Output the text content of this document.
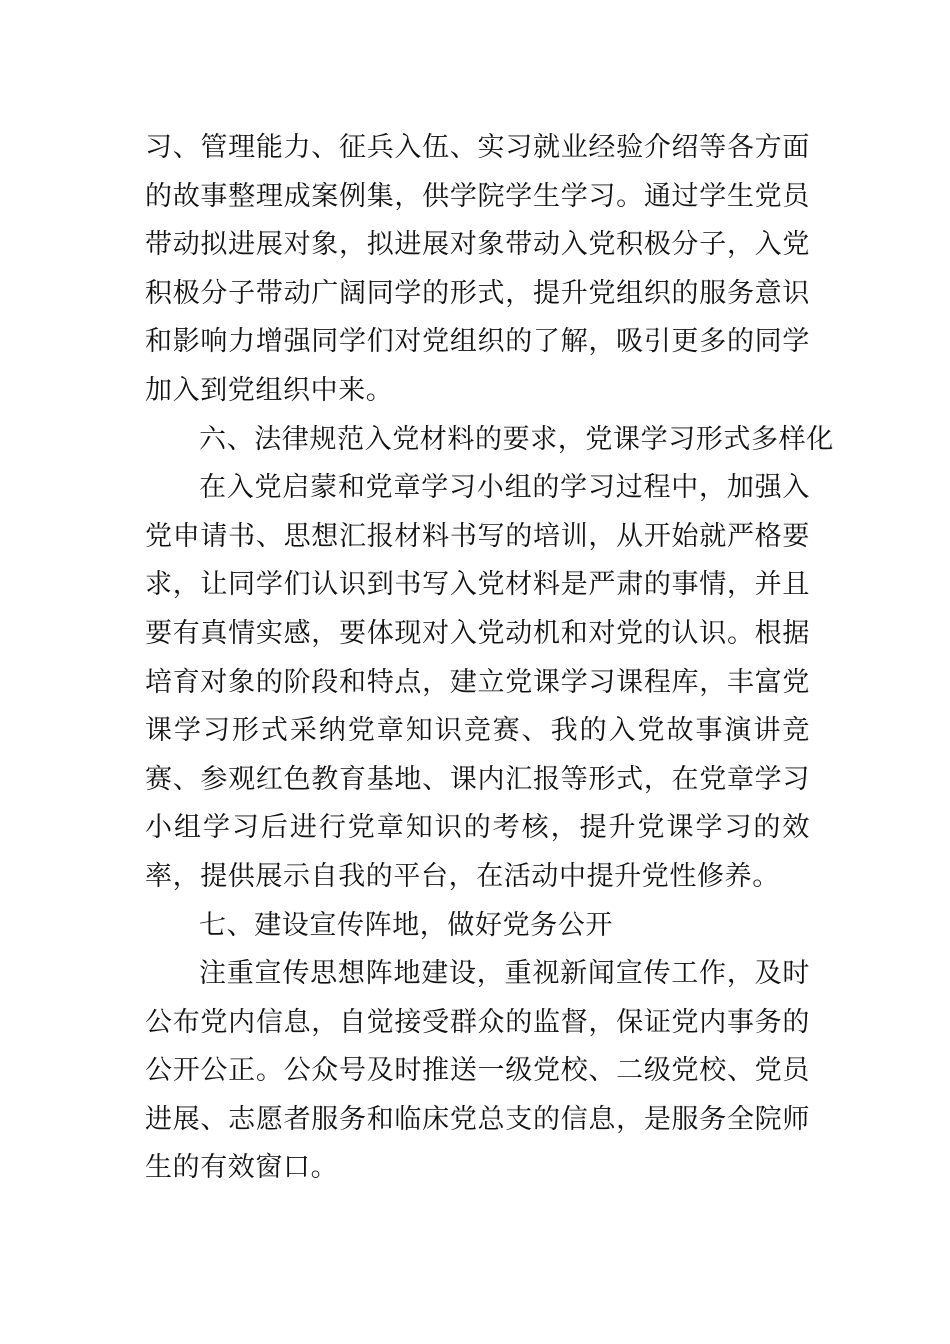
习、管理能力、征兵入伍、实习就业经验介绍等各方面的故事整理成案例集，供学院学生学习。通过学生党员带动拟进展对象，拟进展对象带动入党积极分子，入党积极分子带动广阔同学的形式，提升党组织的服务意识和影响力增强同学们对党组织的了解，吸引更多的同学加入到党组织中来。

六、法律规范入党材料的要求，党课学习形式多样化

在入党启蒙和党章学习小组的学习过程中，加强入党申请书、思想汇报材料书写的培训，从开始就严格要求，让同学们认识到书写入党材料是严肃的事情，并且要有真情实感，要体现对入党动机和对党的认识。根据培育对象的阶段和特点，建立党课学习课程库，丰富党课学习形式采纳党章知识竞赛、我的入党故事演讲竞赛、参观红色教育基地、课内汇报等形式，在党章学习小组学习后进行党章知识的考核，提升党课学习的效率，提供展示自我的平台，在活动中提升党性修养。

七、建设宣传阵地，做好党务公开

注重宣传思想阵地建设，重视新闻宣传工作，及时公布党内信息，自觉接受群众的监督，保证党内事务的公开公正。公众号及时推送一级党校、二级党校、党员进展、志愿者服务和临床党总支的信息，是服务全院师生的有效窗口。
